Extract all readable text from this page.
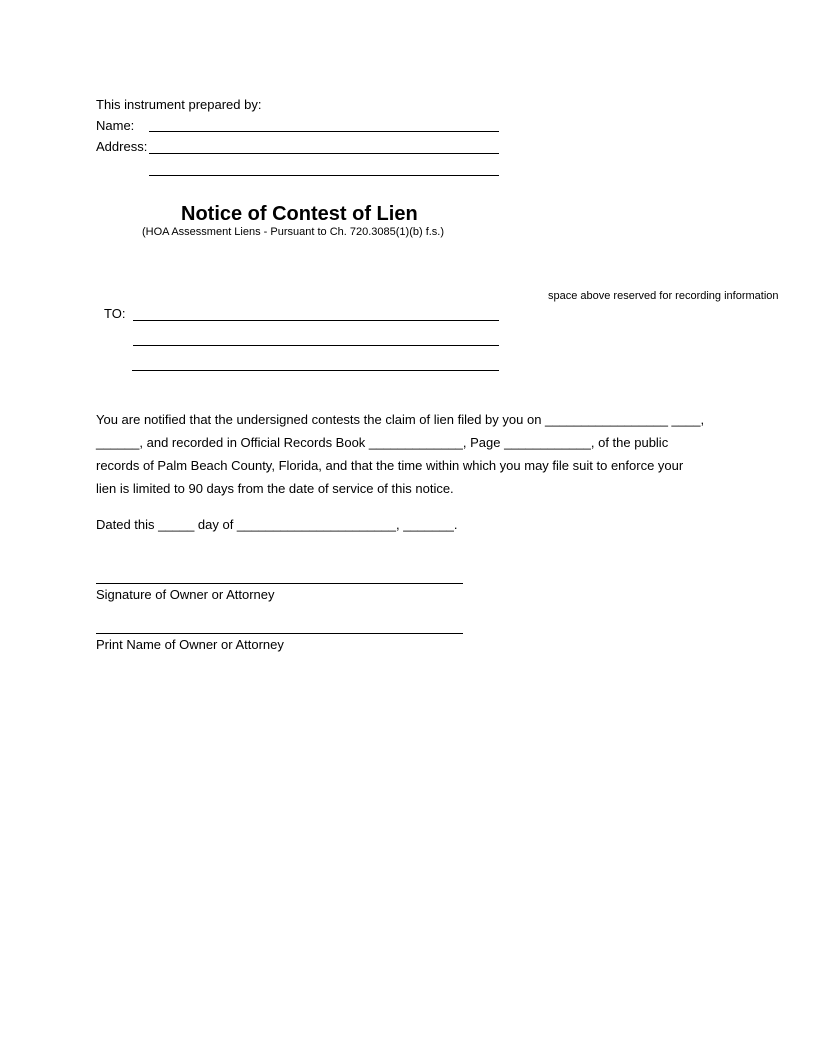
This instrument prepared by:
Name:
Address:
Notice of Contest of Lien
(HOA Assessment Liens - Pursuant to Ch. 720.3085(1)(b) f.s.)
space above reserved for recording information
TO:
You are notified that the undersigned contests the claim of lien filed by you on _________________ ____,
______, and recorded in Official Records Book _____________, Page ____________, of the public
records of Palm Beach County, Florida, and that the time within which you may file suit to enforce your
lien is limited to 90 days from the date of service of this notice.
Dated this _____ day of ______________________, _______.
Signature of Owner or Attorney
Print Name of Owner or Attorney
